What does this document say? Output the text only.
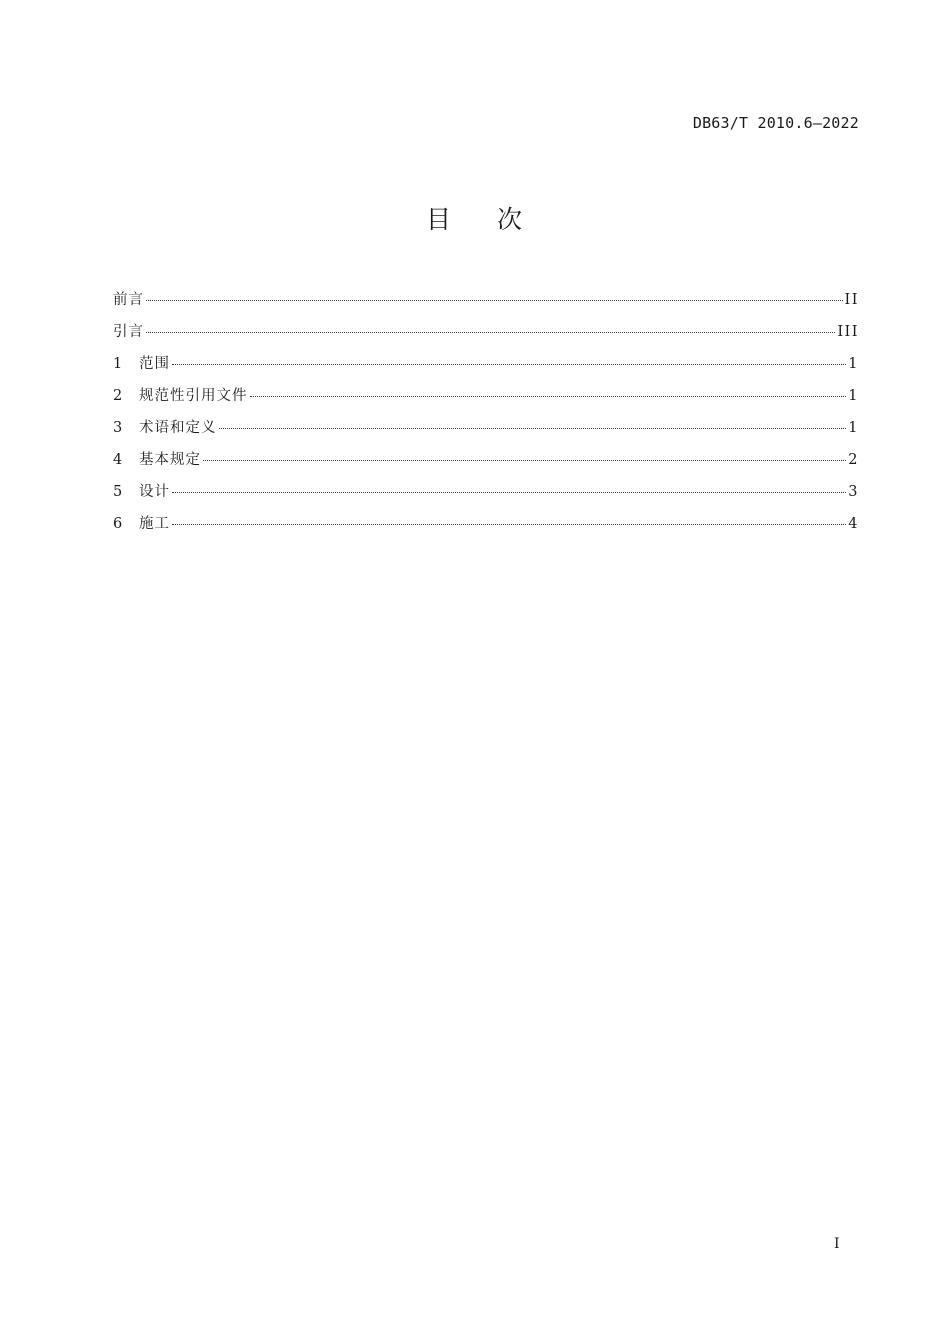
DB63/T 2010.6—2022
目 次
前言	II
引言	III
1	范围	1
2	规范性引用文件	1
3	术语和定义	1
4	基本规定	2
5	设计	3
6	施工	4
I
